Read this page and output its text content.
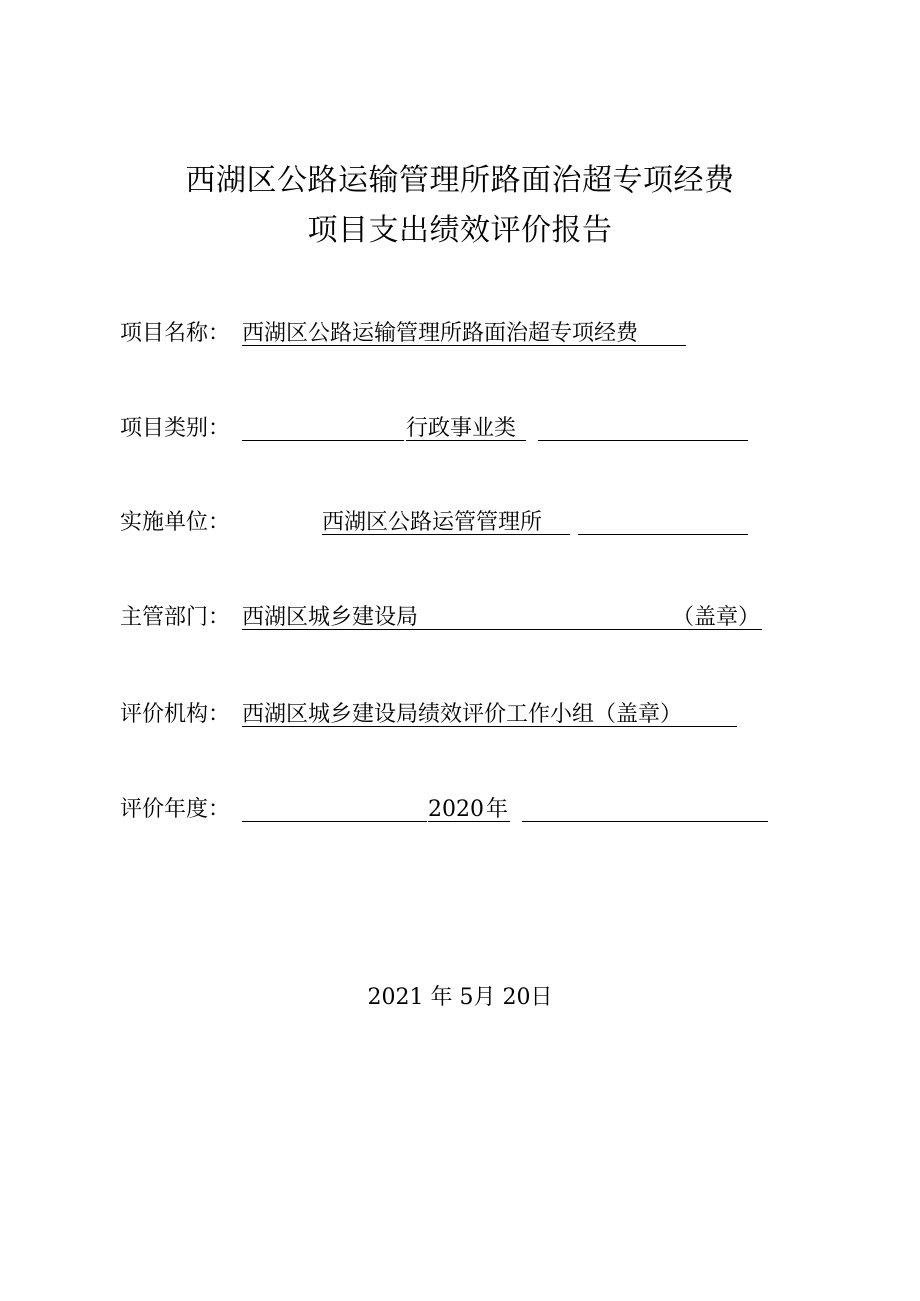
西湖区公路运输管理所路面治超专项经费
项目支出绩效评价报告
项目名称： 西湖区公路运输管理所路面治超专项经费
项目类别：	行政事业类
实施单位：	西湖区公路运管管理所
主管部门： 西湖区城乡建设局	（盖章）
评价机构： 西湖区城乡建设局绩效评价工作小组（盖章）
评价年度：	2020 年
2021 年 5月 20日
